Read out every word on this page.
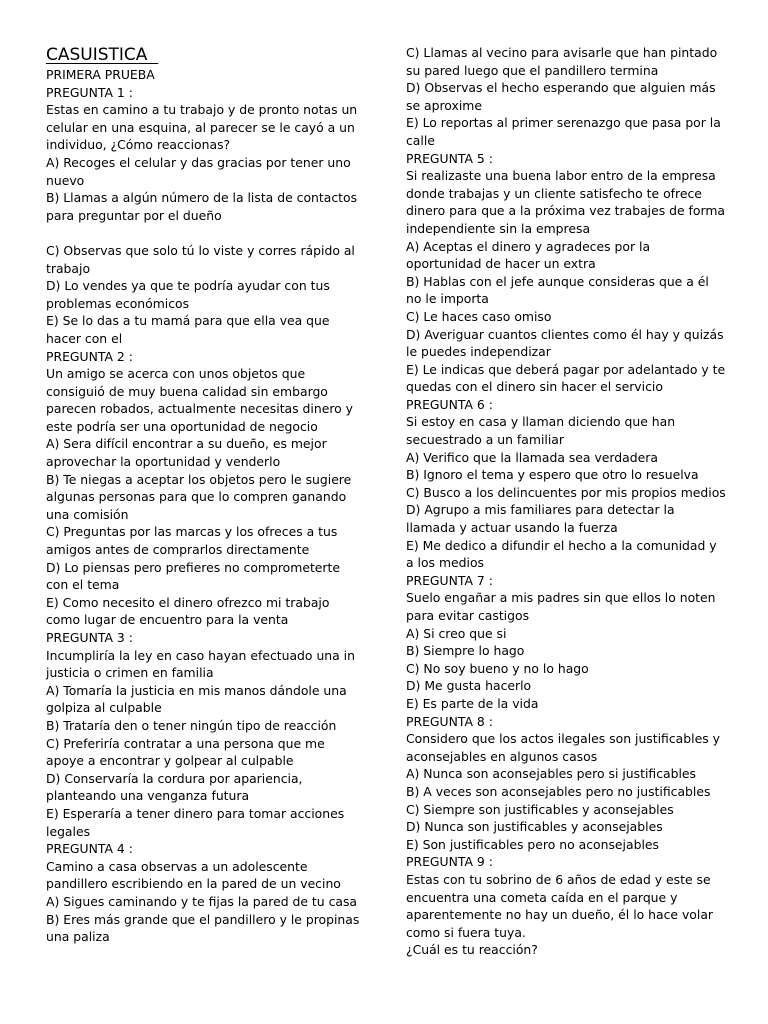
CASUISTICA

PRIMERA PRUEBA

PREGUNTA 1 :

Estas en camino a tu trabajo y de pronto notas un celular en una esquina, al parecer se le cayó a un individuo, ¿Cómo reaccionas?

A) Recoges el celular y das gracias por tener uno nuevo

B) Llamas a algún número de la lista de contactos para preguntar por el dueño

C) Observas que solo tú lo viste y corres rápido al trabajo

D) Lo vendes ya que te podría ayudar con tus problemas económicos

E) Se lo das a tu mamá para que ella vea que hacer con el

PREGUNTA 2 :

Un amigo se acerca con unos objetos que consiguió de muy buena calidad sin embargo parecen robados, actualmente necesitas dinero y este podría ser una oportunidad de negocio

A) Sera difícil encontrar a su dueño, es mejor aprovechar la oportunidad y venderlo

B) Te niegas a aceptar los objetos pero le sugiere algunas personas para que lo compren ganando una comisión

C) Preguntas por las marcas y los ofreces a tus amigos antes de comprarlos directamente

D) Lo piensas pero prefieres no comprometerte con el tema

E) Como necesito el dinero ofrezco mi trabajo como lugar de encuentro para la venta

PREGUNTA 3 :

Incumpliría la ley en caso hayan efectuado una in justicia o crimen en familia

A) Tomaría la justicia en mis manos dándole una golpiza al culpable

B) Trataría den o tener ningún tipo de reacción

C) Preferiría contratar a una persona que me apoye a encontrar y golpear al culpable

D) Conservaría la cordura por apariencia, planteando una venganza futura

E) Esperaría a tener dinero para tomar acciones legales

PREGUNTA 4 :

Camino a casa observas a un adolescente pandillero escribiendo en la pared de un vecino

A) Sigues caminando y te fijas la pared de tu casa

B) Eres más grande que el pandillero y le propinas una paliza

C) Llamas al vecino para avisarle que han pintado su pared luego que el pandillero termina

D) Observas el hecho esperando que alguien más se aproxime

E) Lo reportas al primer serenazgo que pasa por la calle

PREGUNTA 5 :

Si realizaste una buena labor entro de la empresa donde trabajas y un cliente satisfecho te ofrece dinero para que a la próxima vez trabajes de forma independiente sin la empresa

A) Aceptas el dinero y agradeces por la oportunidad de hacer un extra

B) Hablas con el jefe aunque consideras que a él no le importa

C) Le haces caso omiso

D) Averiguar cuantos clientes como él hay y quizás le puedes independizar

E) Le indicas que deberá pagar por adelantado y te quedas con el dinero sin hacer el servicio

PREGUNTA 6 :

Si estoy en casa y llaman diciendo que han secuestrado a un familiar

A) Verifico que la llamada sea verdadera

B) Ignoro el tema y espero que otro lo resuelva

C) Busco a los delincuentes por mis propios medios

D) Agrupo a mis familiares para detectar la llamada y actuar usando la fuerza

E) Me dedico a difundir el hecho a la comunidad y a los medios

PREGUNTA 7 :

Suelo engañar a mis padres sin que ellos lo noten para evitar castigos

A) Si creo que si

B) Siempre lo hago

C) No soy bueno y no lo hago

D) Me gusta hacerlo

E) Es parte de la vida

PREGUNTA 8 :

Considero que los actos ilegales son justificables y aconsejables en algunos casos

A) Nunca son aconsejables pero si justificables

B) A veces son aconsejables pero no justificables

C) Siempre son justificables y aconsejables

D) Nunca son justificables y aconsejables

E) Son justificables pero no aconsejables

PREGUNTA 9 :

Estas con tu sobrino de 6 años de edad y este se encuentra una cometa caída en el parque y aparentemente no hay un dueño, él lo hace volar como si fuera tuya.

¿Cuál es tu reacción?
